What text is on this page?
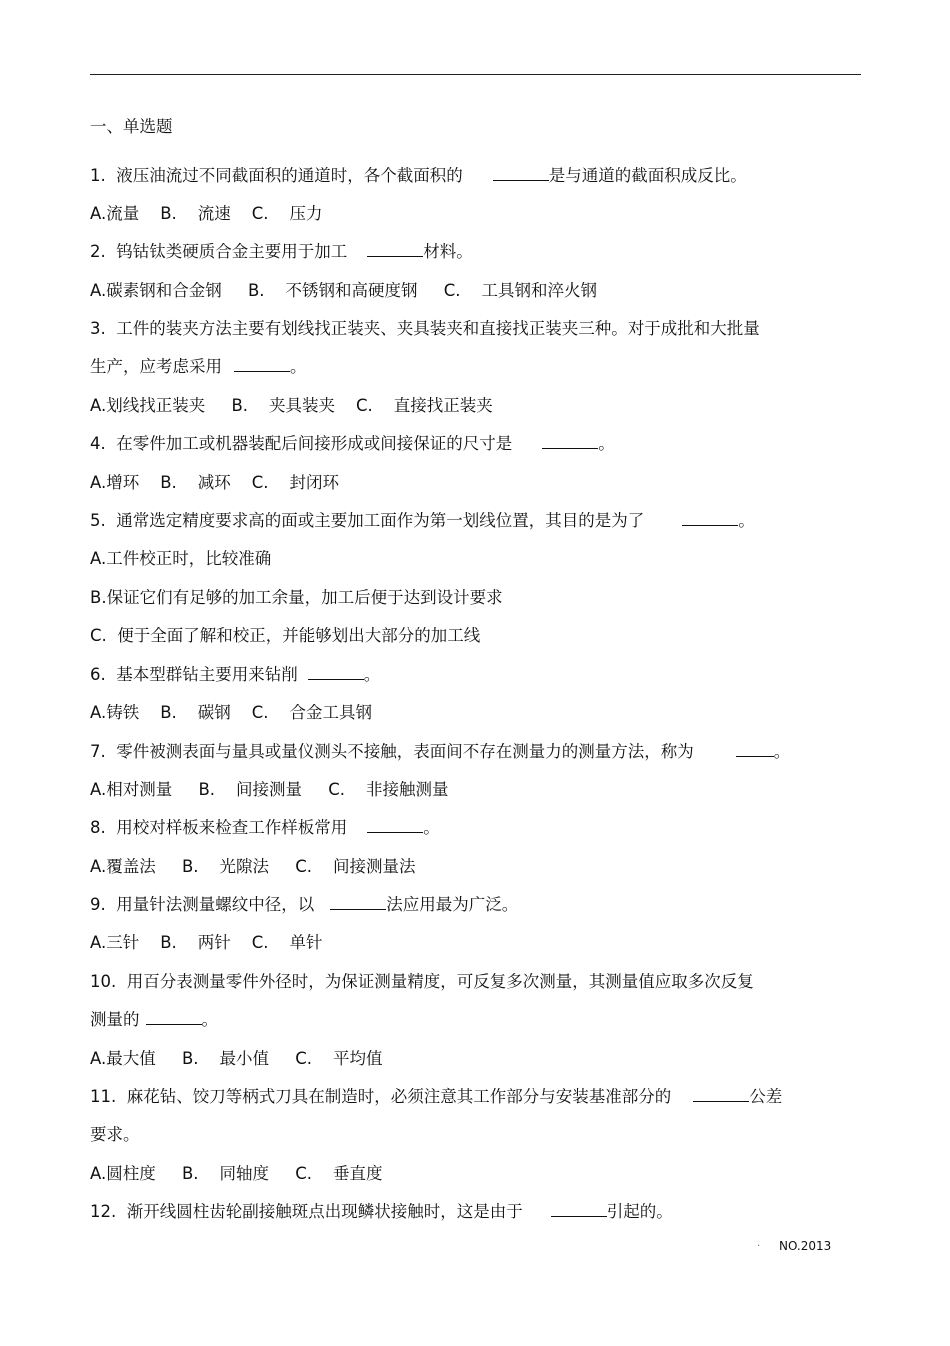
一、单选题
1. 液压油流过不同截面积的通道时，各个截面积的	是与通道的截面积成反比。
A.流量    B.    流速    C.    压力
2. 钨钴钛类硬质合金主要用于加工	材料。
A.碳素钢和合金钢     B.    不锈钢和高硬度钢     C.    工具钢和淬火钢
3.  工件的装夹方法主要有划线找正装夹、夹具装夹和直接找正装夹三种。对于成批和大批量
生产，应考虑采用	。
A.划线找正装夹     B.    夹具装夹    C.    直接找正装夹
4. 在零件加工或机器装配后间接形成或间接保证的尺寸是	。
A.增环    B.    减环    C.    封闭环
5. 通常选定精度要求高的面或主要加工面作为第一划线位置，其目的是为了	。
A.工件校正时，比较准确
B.保证它们有足够的加工余量，加工后便于达到设计要求
C.  便于全面了解和校正，并能够划出大部分的加工线
6. 基本型群钻主要用来钻削	。
A.铸铁    B.    碳钢    C.    合金工具钢
7. 零件被测表面与量具或量仪测头不接触，表面间不存在测量力的测量方法，称为	。
A.相对测量     B.    间接测量     C.    非接触测量
8. 用校对样板来检查工作样板常用	。
A.覆盖法     B.    光隙法     C.    间接测量法
9. 用量针法测量螺纹中径，以	法应用最为广泛。
A.三针    B.    两针    C.    单针
10.  用百分表测量零件外径时，为保证测量精度，可反复多次测量，其测量值应取多次反复
测量的	。
A.最大值     B.    最小值     C.    平均值
11.  麻花钻、饺刀等柄式刀具在制造时，必须注意其工作部分与安装基准部分的	公差
要求。
A.圆柱度     B.    同轴度     C.    垂直度
12.  渐开线圆柱齿轮副接触斑点出现鳞状接触时，这是由于	引起的。
· NO.2013
